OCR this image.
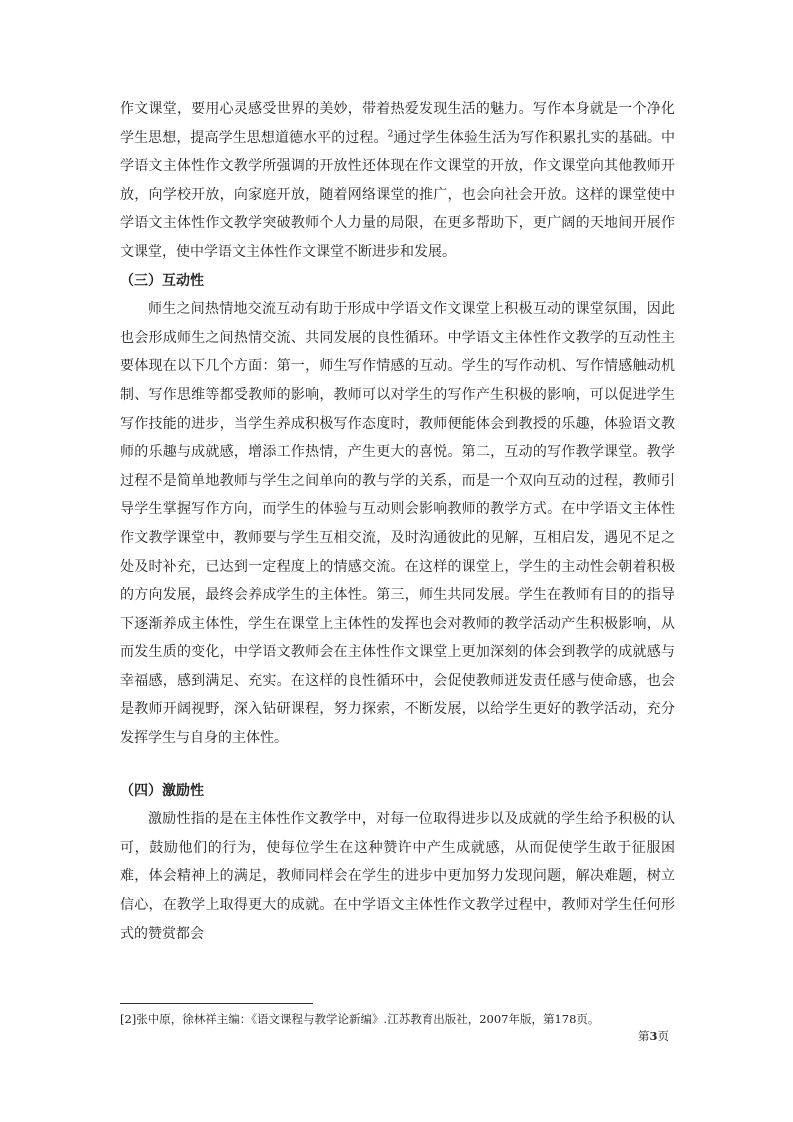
作文课堂，要用心灵感受世界的美妙，带着热爱发现生活的魅力。写作本身就是一个净化学生思想，提高学生思想道德水平的过程。$^2$通过学生体验生活为写作积累扎实的基础。中学语文主体性作文教学所强调的开放性还体现在作文课堂的开放，作文课堂向其他教师开放，向学校开放，向家庭开放，随着网络课堂的推广，也会向社会开放。这样的课堂使中学语文主体性作文教学突破教师个人力量的局限，在更多帮助下，更广阔的天地间开展作文课堂，使中学语文主体性作文课堂不断进步和发展。

（三）互动性

师生之间热情地交流互动有助于形成中学语文作文课堂上积极互动的课堂氛围，因此也会形成师生之间热情交流、共同发展的良性循环。中学语文主体性作文教学的互动性主要体现在以下几个方面：第一，师生写作情感的互动。学生的写作动机、写作情感触动机制、写作思维等都受教师的影响，教师可以对学生的写作产生积极的影响，可以促进学生写作技能的进步，当学生养成积极写作态度时，教师便能体会到教授的乐趣，体验语文教师的乐趣与成就感，增添工作热情，产生更大的喜悦。第二，互动的写作教学课堂。教学过程不是简单地教师与学生之间单向的教与学的关系，而是一个双向互动的过程，教师引导学生掌握写作方向，而学生的体验与互动则会影响教师的教学方式。在中学语文主体性作文教学课堂中，教师要与学生互相交流，及时沟通彼此的见解，互相启发，遇见不足之处及时补充，已达到一定程度上的情感交流。在这样的课堂上，学生的主动性会朝着积极的方向发展，最终会养成学生的主体性。第三，师生共同发展。学生在教师有目的的指导下逐渐养成主体性，学生在课堂上主体性的发挥也会对教师的教学活动产生积极影响，从而发生质的变化，中学语文教师会在主体性作文课堂上更加深刻的体会到教学的成就感与幸福感，感到满足、充实。在这样的良性循环中，会促使教师迸发责任感与使命感，也会是教师开阔视野，深入钻研课程，努力探索，不断发展，以给学生更好的教学活动，充分发挥学生与自身的主体性。

（四）激励性

激励性指的是在主体性作文教学中，对每一位取得进步以及成就的学生给予积极的认可，鼓励他们的行为，使每位学生在这种赞许中产生成就感，从而促使学生敢于征服困难，体会精神上的满足，教师同样会在学生的进步中更加努力发现问题，解决难题，树立信心，在教学上取得更大的成就。在中学语文主体性作文教学过程中，教师对学生任何形式的赞赏都会

[2]张中原，徐林祥主编：《语文课程与教学论新编》.江苏教育出版社，2007年版，第178页。
第3页
